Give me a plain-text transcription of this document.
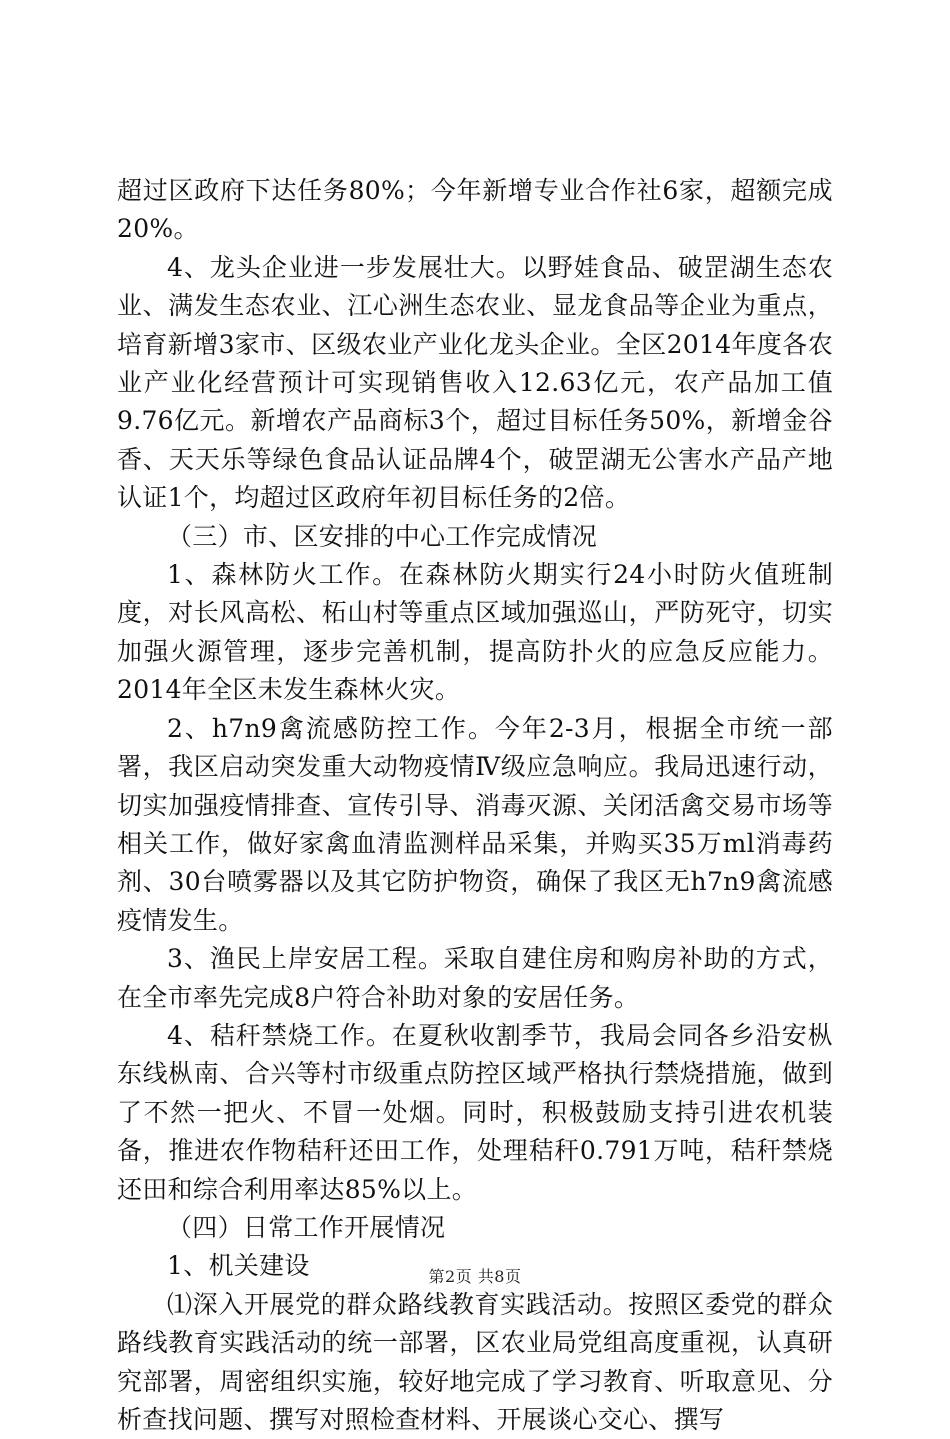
超过区政府下达任务80%；今年新增专业合作社6家，超额完成20%。

4、龙头企业进一步发展壮大。以野娃食品、破罡湖生态农业、满发生态农业、江心洲生态农业、显龙食品等企业为重点，培育新增3家市、区级农业产业化龙头企业。全区2014年度各农业产业化经营预计可实现销售收入12.63亿元，农产品加工值9.76亿元。新增农产品商标3个，超过目标任务50%，新增金谷香、天天乐等绿色食品认证品牌4个，破罡湖无公害水产品产地认证1个，均超过区政府年初目标任务的2倍。

（三）市、区安排的中心工作完成情况

1、森林防火工作。在森林防火期实行24小时防火值班制度，对长风高松、柘山村等重点区域加强巡山，严防死守，切实加强火源管理，逐步完善机制，提高防扑火的应急反应能力。2014年全区未发生森林火灾。

2、h7n9禽流感防控工作。今年2-3月，根据全市统一部署，我区启动突发重大动物疫情Ⅳ级应急响应。我局迅速行动，切实加强疫情排查、宣传引导、消毒灭源、关闭活禽交易市场等相关工作，做好家禽血清监测样品采集，并购买35万ml消毒药剂、30台喷雾器以及其它防护物资，确保了我区无h7n9禽流感疫情发生。

3、渔民上岸安居工程。采取自建住房和购房补助的方式，在全市率先完成8户符合补助对象的安居任务。

4、秸秆禁烧工作。在夏秋收割季节，我局会同各乡沿安枞东线枞南、合兴等村市级重点防控区域严格执行禁烧措施，做到了不然一把火、不冒一处烟。同时，积极鼓励支持引进农机装备，推进农作物秸秆还田工作，处理秸秆0.791万吨，秸秆禁烧还田和综合利用率达85%以上。

（四）日常工作开展情况

1、机关建设

⑴深入开展党的群众路线教育实践活动。按照区委党的群众路线教育实践活动的统一部署，区农业局党组高度重视，认真研究部署，周密组织实施，较好地完成了学习教育、听取意见、分析查找问题、撰写对照检查材料、开展谈心交心、撰写

第2页 共8页
